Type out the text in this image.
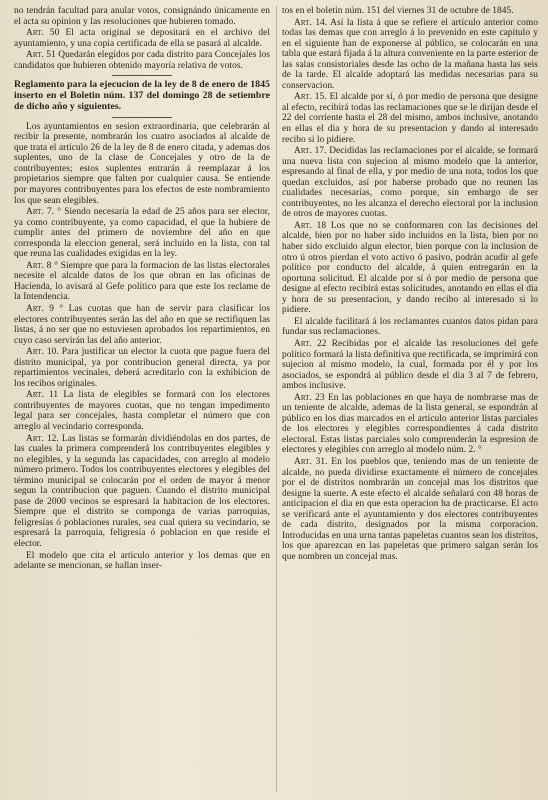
no tendrán facultad para anular votos, consignándo únicamente en el acta su opinion y las resoluciones que hubieren tomado.

Art. 50 El acta original se depositará en el archivo del ayuntamiento, y una copia certificada de ella se pasará al alcalde.

Art. 51 Quedarán elegidos por cada distrito para Concejales los candidatos que hubieren obtenido mayoría relativa de votos.

Reglamento para la ejecucion de la ley de 8 de enero de 1845 inserto en el Boletin núm. 137 del domingo 28 de setiembre de dicho año y siguientes.

Los ayuntamientos en sesion extraordinaria, que celebrarán al recibir la presente, nombrarán los cuatro asociados al alcalde de que trata el artículo 26 de la ley de 8 de enero citada, y ademas dos suplentes, uno de la clase de Concejales y otro de la de contribuyentes; estos suplentes entrarán á reemplazar á los propietarios siempre que falten por cualquier causa. Se entiende por mayores contribuyentes para los efectos de este nombramiento los que sean elegibles.

Art. 7. ° Siendo necesaria la edad de 25 años para ser elector, ya como contribuyente, ya como capacidad, el que la hubiere de cumplir antes del primero de noviembre del año en que corresponda la eleccion general, será incluido en la lista, con tal que reuna las cualidades exigidas en la ley.

Art. 8 ° Siempre que para la formacion de las listas electorales necesite el alcalde datos de los que obran en las oficinas de Hacienda, lo avisará al Gefe político para que este los reclame de la Intendencia.

Art. 9 ° Las cuotas que han de servir para clasificar los electores contribuyentes serán las del año en que se rectifiquen las listas, á no ser que no estuviesen aprobados los repartimientos, en cuyo caso servirán las del año anterior.

Art. 10. Para justificar un elector la cuota que pague fuera del distrito municipal, ya por contribucion general directa, ya por repartimientos vecinales, deberá acreditarlo con la exhibicion de los recibos originales.

Art. 11 La lista de elegibles se formará con los electores contribuyentes de mayores cuotas, que no tengan impedimento legal para ser concejales, hasta completar el número que con arreglo al vecindario corresponda.

Art. 12. Las listas se formarán dividiéndolas en dos partes, de las cuales la primera comprenderá los contribuyentes elegibles y no elegibles, y la segunda las capacidades, con arreglo al modelo número primero. Todos los contribuyentes electores y elegibles del término municipal se colocarán por el orden de mayor á menor segun la contribucion que paguen. Cuando el distrito municipal pase de 2000 vecinos se espresará la habitacion de los electores. Siempre que el distrito se componga de varias parroquias, feligresías ó poblaciones rurales, sea cual quiera su vecindario, se espresará la parroquia, feligresía ó poblacion en que reside el elector.

El modelo que cita el artículo anterior y los demas que en adelante se mencionan, se hallan inser-

tos en el boletin núm. 151 del viernes 31 de octubre de 1845.

Art. 14. Así la lista á que se refiere el artículo anterior como todas las demas que con arreglo á lo prevenido en este capítulo y en el siguiente han de exponerse al público, se colocarán en una tabla que estará fijada á la altura conveniente en la parte esterior de las salas consistoriales desde las ocho de la mañana hasta las seis de la tarde. El alcalde adoptará las medidas necesarias para su conservacion.

Art. 15. El alcalde por sí, ó por medio de persona que designe al efecto, recibirá todas las reclamaciones que se le dirijan desde el 22 del corriente hasta el 28 del mismo, ambos inclusive, anotando en ellas el dia y hora de su presentacion y dando al interesado recibo si lo pidiere.

Art. 17. Decididas las reclamaciones por el alcalde, se formará una nueva lista con sujecion al mismo modelo que la anterior, espresando al final de ella, y por medio de una nota, todos los que quedan excluidos, así por haberse probado que no reunen las cualidades necesarias, como porque, sin embargo de ser contribuyentes, no les alcanza el derecho electoral por la inclusion de otros de mayores cuotas.

Art. 18 Los que no se conformaren con las decisiones del alcalde, bien por no haber sido incluidos en la lista, bien por no haber sido excluido algun elector, bien porque con la inclusion de otro ú otros pierdan el voto activo ó pasivo, podrán acudir al gefe político por conducto del alcalde, á quien entregarán en la oportuna solicitud. El alcalde por sí ó por medio de persona que designe al efecto recibirá estas solicitudes, anotando en ellas el dia y hora de su presentacion, y dando recibo al interesado si lo pidiere.

El alcalde facilitará á los reclamantes cuantos datos pidan para fundar sus reclamaciones.

Art. 22 Recibidas por el alcalde las resoluciones del gefe político formará la lista definitiva que rectificada, se imprimirá con sujecion al mismo modelo, la cual, formada por él y por los asociados, se espondrá al público desde el dia 3 al 7 de febrero, ambos inclusive.

Art. 23 En las poblaciones en que haya de nombrarse mas de un teniente de alcalde, ademas de la lista general, se espondrán al público en los dias marcados en el artículo anterior listas parciales de los electores y elegibles correspondientes á cada distrito electoral. Estas listas parciales solo comprenderán la espresion de electores y elegibles con arreglo al modelo núm. 2. °

Art. 31. En los pueblos que, teniendo mas de un teniente de alcalde, no pueda dividirse exactamente el número de concejales por el de distritos nombrarán un concejal mas los distritos que designe la suerte. A este efecto el alcalde señalará con 48 horas de anticipacion el dia en que esta operacion ha de practicarse. El acto se verificará ante el ayuntamiento y dos electores contribuyentes de cada distrito, designados por la misma corporacion. Introducidas en una urna tantas papeletas cuantos sean los distritos, los que aparezcan en las papeletas que primero salgan serán los que nombren un concejal mas.
